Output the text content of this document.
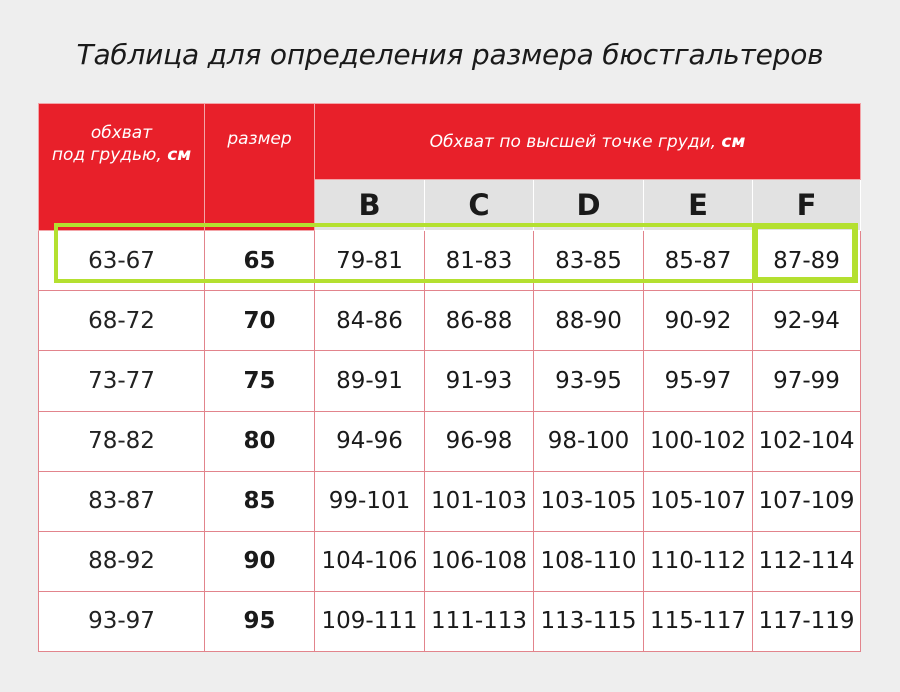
Таблица для определения размера бюстгальтеров
обхват
под грудью, см	размер	Обхват по высшей точке груди, см				
		B	C	D	E	F
63-67	65	79-81	81-83	83-85	85-87	87-89
68-72	70	84-86	86-88	88-90	90-92	92-94
73-77	75	89-91	91-93	93-95	95-97	97-99
78-82	80	94-96	96-98	98-100	100-102	102-104
83-87	85	99-101	101-103	103-105	105-107	107-109
88-92	90	104-106	106-108	108-110	110-112	112-114
93-97	95	109-111	111-113	113-115	115-117	117-119
